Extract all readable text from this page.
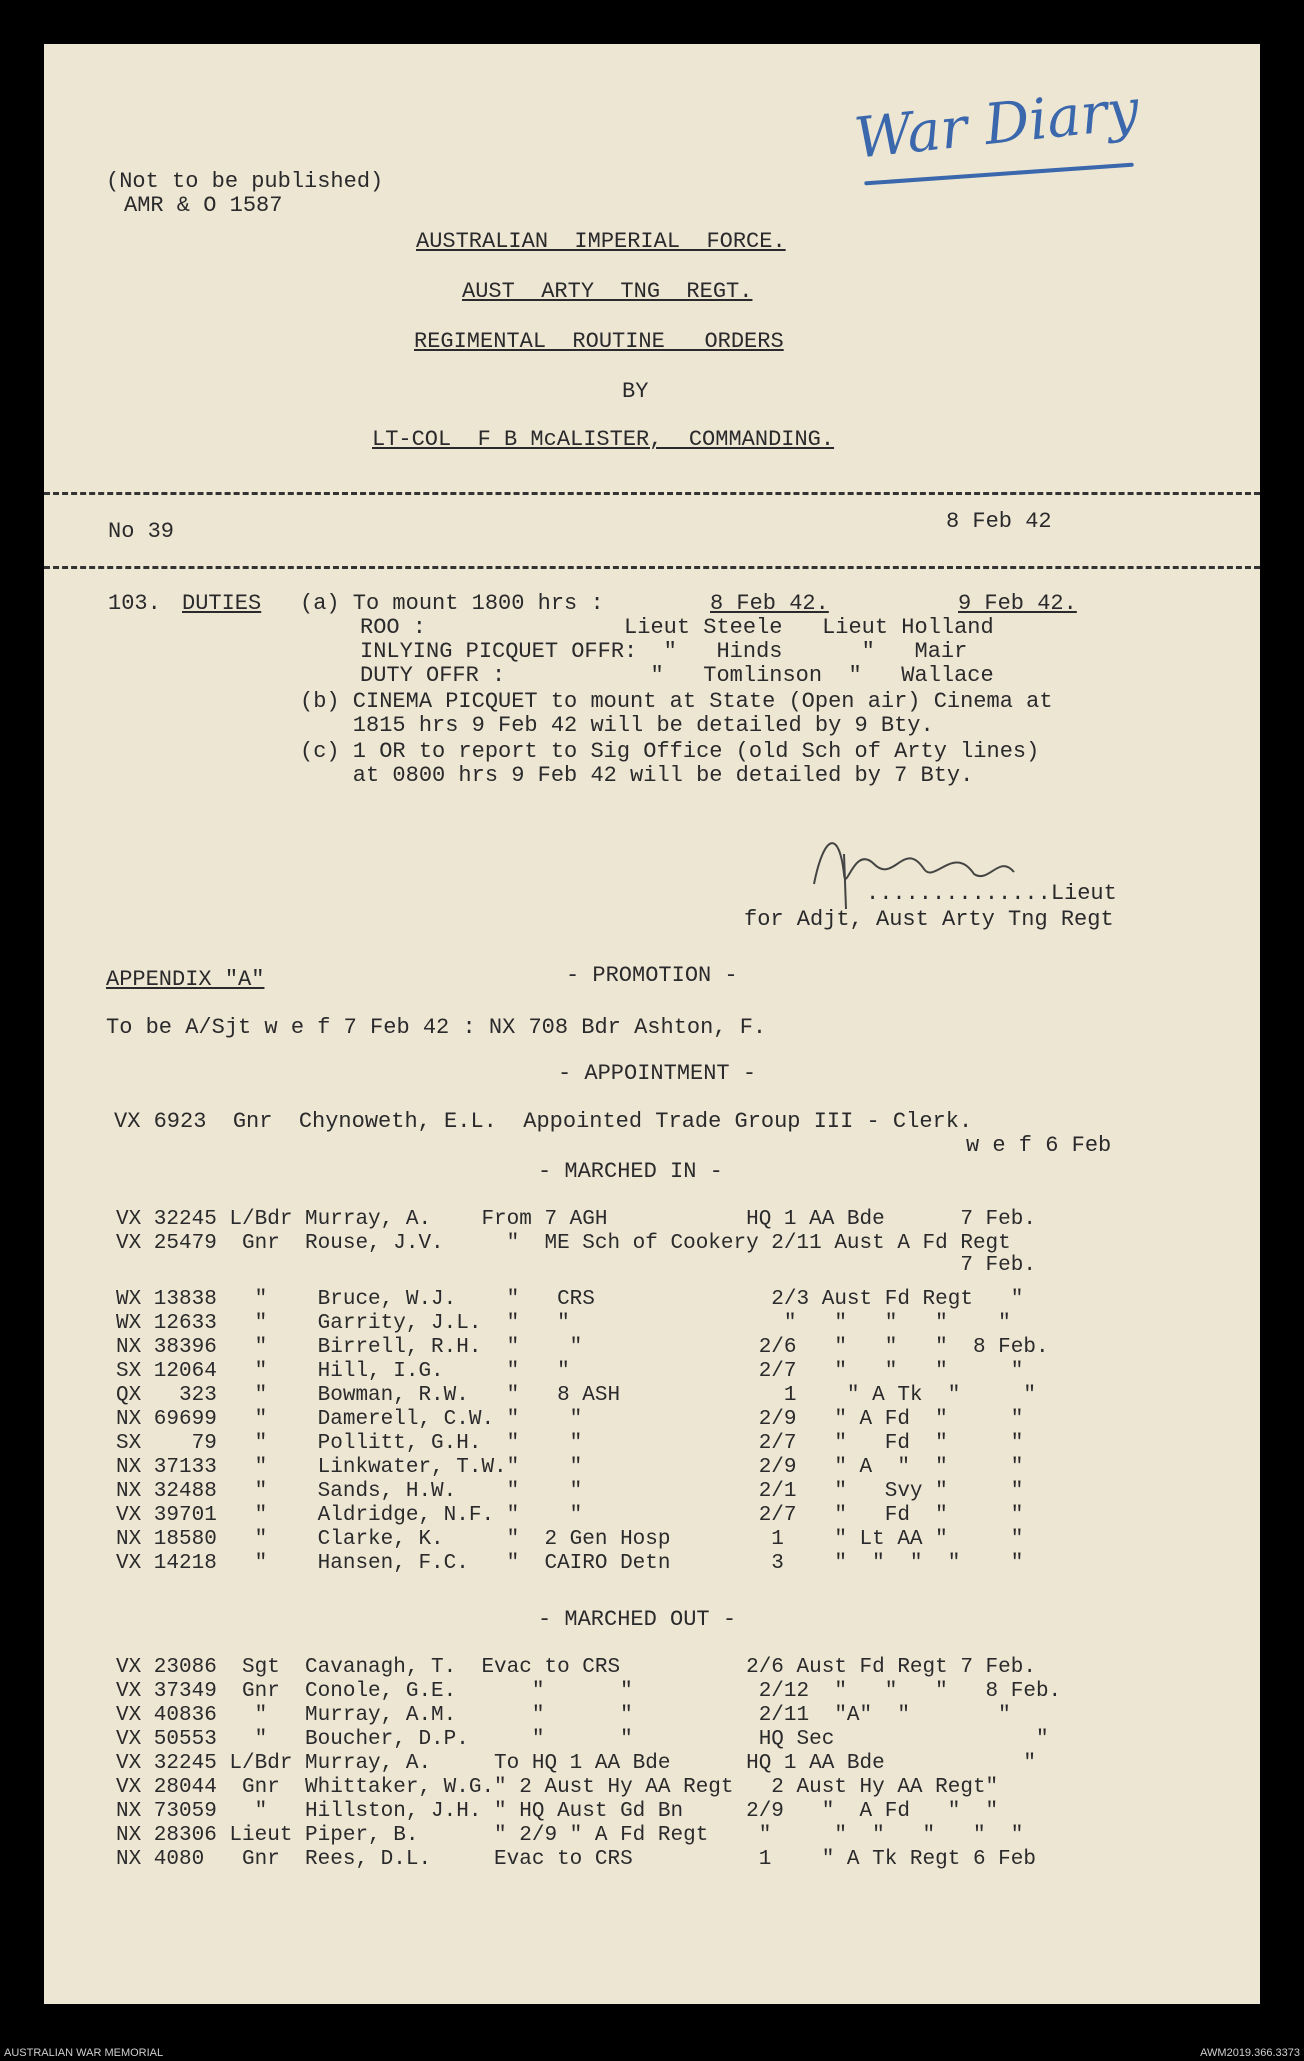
War Diary
(Not to be published)
AMR & O 1587
AUSTRALIAN  IMPERIAL  FORCE.
AUST  ARTY  TNG  REGT.
REGIMENTAL  ROUTINE   ORDERS
BY
LT-COL  F B McALISTER,  COMMANDING.
No 39	8 Feb 42
103. DUTIES (a) To mount 1800 hrs :	8 Feb 42.	9 Feb 42.
ROO :               Lieut Steele   Lieut Holland
INLYING PICQUET OFFR:  "   Hinds      "   Mair
DUTY OFFR :           "   Tomlinson  "   Wallace
(b) CINEMA PICQUET to mount at State (Open air) Cinema at
1815 hrs 9 Feb 42 will be detailed by 9 Bty.
(c) 1 OR to report to Sig Office (old Sch of Arty lines)
at 0800 hrs 9 Feb 42 will be detailed by 7 Bty.
..............Lieut
for Adjt, Aust Arty Tng Regt
APPENDIX "A"	- PROMOTION -
To be A/Sjt w e f 7 Feb 42 : NX 708 Bdr Ashton, F.
- APPOINTMENT -
VX 6923  Gnr  Chynoweth, E.L.  Appointed Trade Group III - Clerk.
w e f 6 Feb
- MARCHED IN -
VX 32245 L/Bdr Murray, A.    From 7 AGH           HQ 1 AA Bde      7 Feb.
VX 25479  Gnr  Rouse, J.V.     "  ME Sch of Cookery 2/11 Aust A Fd Regt
7 Feb.
WX 13838   "    Bruce, W.J.    "   CRS              2/3 Aust Fd Regt   "
WX 12633   "    Garrity, J.L.  "   "                 "   "   "   "    "
NX 38396   "    Birrell, R.H.  "    "              2/6   "   "   "  8 Feb.
SX 12064   "    Hill, I.G.     "   "               2/7   "   "   "     "
QX   323   "    Bowman, R.W.   "   8 ASH             1    " A Tk  "     "
NX 69699   "    Damerell, C.W. "    "              2/9   " A Fd  "     "
SX    79   "    Pollitt, G.H.  "    "              2/7   "   Fd  "     "
NX 37133   "    Linkwater, T.W."    "              2/9   " A  "  "     "
NX 32488   "    Sands, H.W.    "    "              2/1   "   Svy "     "
VX 39701   "    Aldridge, N.F. "    "              2/7   "   Fd  "     "
NX 18580   "    Clarke, K.     "  2 Gen Hosp        1    " Lt AA "     "
VX 14218   "    Hansen, F.C.   "  CAIRO Detn        3    "  "  "  "    "
- MARCHED OUT -
VX 23086  Sgt  Cavanagh, T.  Evac to CRS          2/6 Aust Fd Regt 7 Feb.
VX 37349  Gnr  Conole, G.E.      "      "          2/12  "   "   "   8 Feb.
VX 40836   "   Murray, A.M.      "      "          2/11  "A"  "       "
VX 50553   "   Boucher, D.P.     "      "          HQ Sec                "
VX 32245 L/Bdr Murray, A.     To HQ 1 AA Bde      HQ 1 AA Bde           "
VX 28044  Gnr  Whittaker, W.G." 2 Aust Hy AA Regt   2 Aust Hy AA Regt"
NX 73059   "   Hillston, J.H. " HQ Aust Gd Bn     2/9   "  A Fd   "  "
NX 28306 Lieut Piper, B.      " 2/9 " A Fd Regt    "     "  "   "   "  "
NX 4080   Gnr  Rees, D.L.     Evac to CRS          1    " A Tk Regt 6 Feb
AUSTRALIAN WAR MEMORIAL	AWM2019.366.3373
